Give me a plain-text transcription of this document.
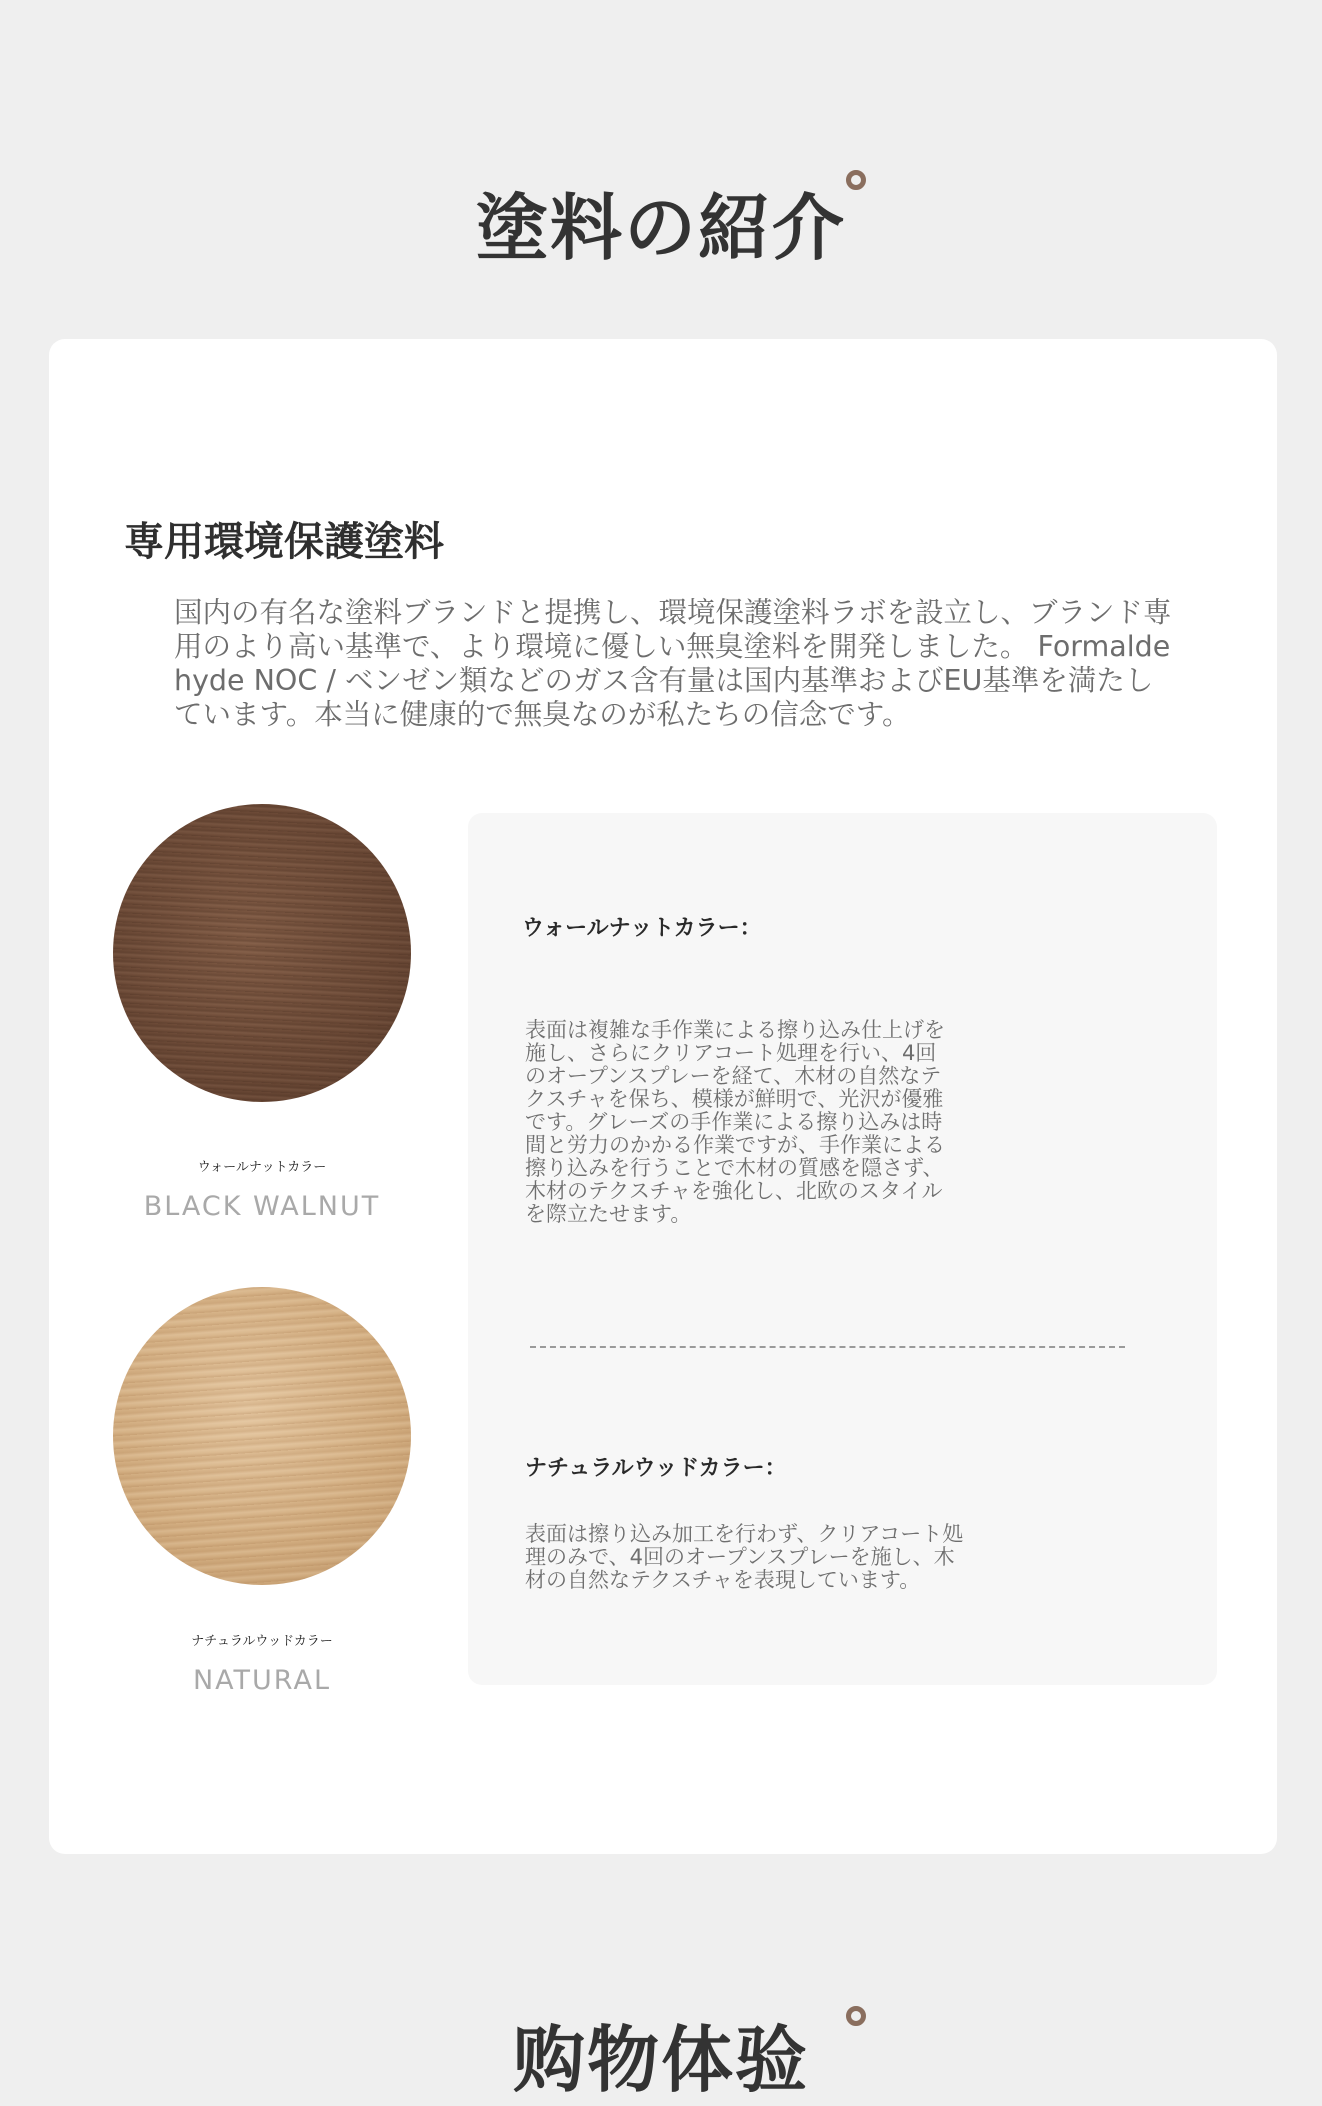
塗料の紹介
専用環境保護塗料

国内の有名な塗料ブランドと提携し、環境保護塗料ラボを設立し、ブランド専用のより高い基準で、より環境に優しい無臭塗料を開発しました。 Formaldehyde NOC / ベンゼン類などのガス含有量は国内基準およびEU基準を満たしています。本当に健康的で無臭なのが私たちの信念です。

ウォールナットカラー
BLACK WALNUT
ナチュラルウッドカラー
NATURAL
ウォールナットカラー：

表面は複雑な手作業による擦り込み仕上げを施し、さらにクリアコート処理を行い、4回のオープンスプレーを経て、木材の自然なテクスチャを保ち、模様が鮮明で、光沢が優雅です。グレーズの手作業による擦り込みは時間と労力のかかる作業ですが、手作業による擦り込みを行うことで木材の質感を隠さず、木材のテクスチャを強化し、北欧のスタイルを際立たせます。

ナチュラルウッドカラー：

表面は擦り込み加工を行わず、クリアコート処理のみで、4回のオープンスプレーを施し、木材の自然なテクスチャを表現しています。

购物体验
